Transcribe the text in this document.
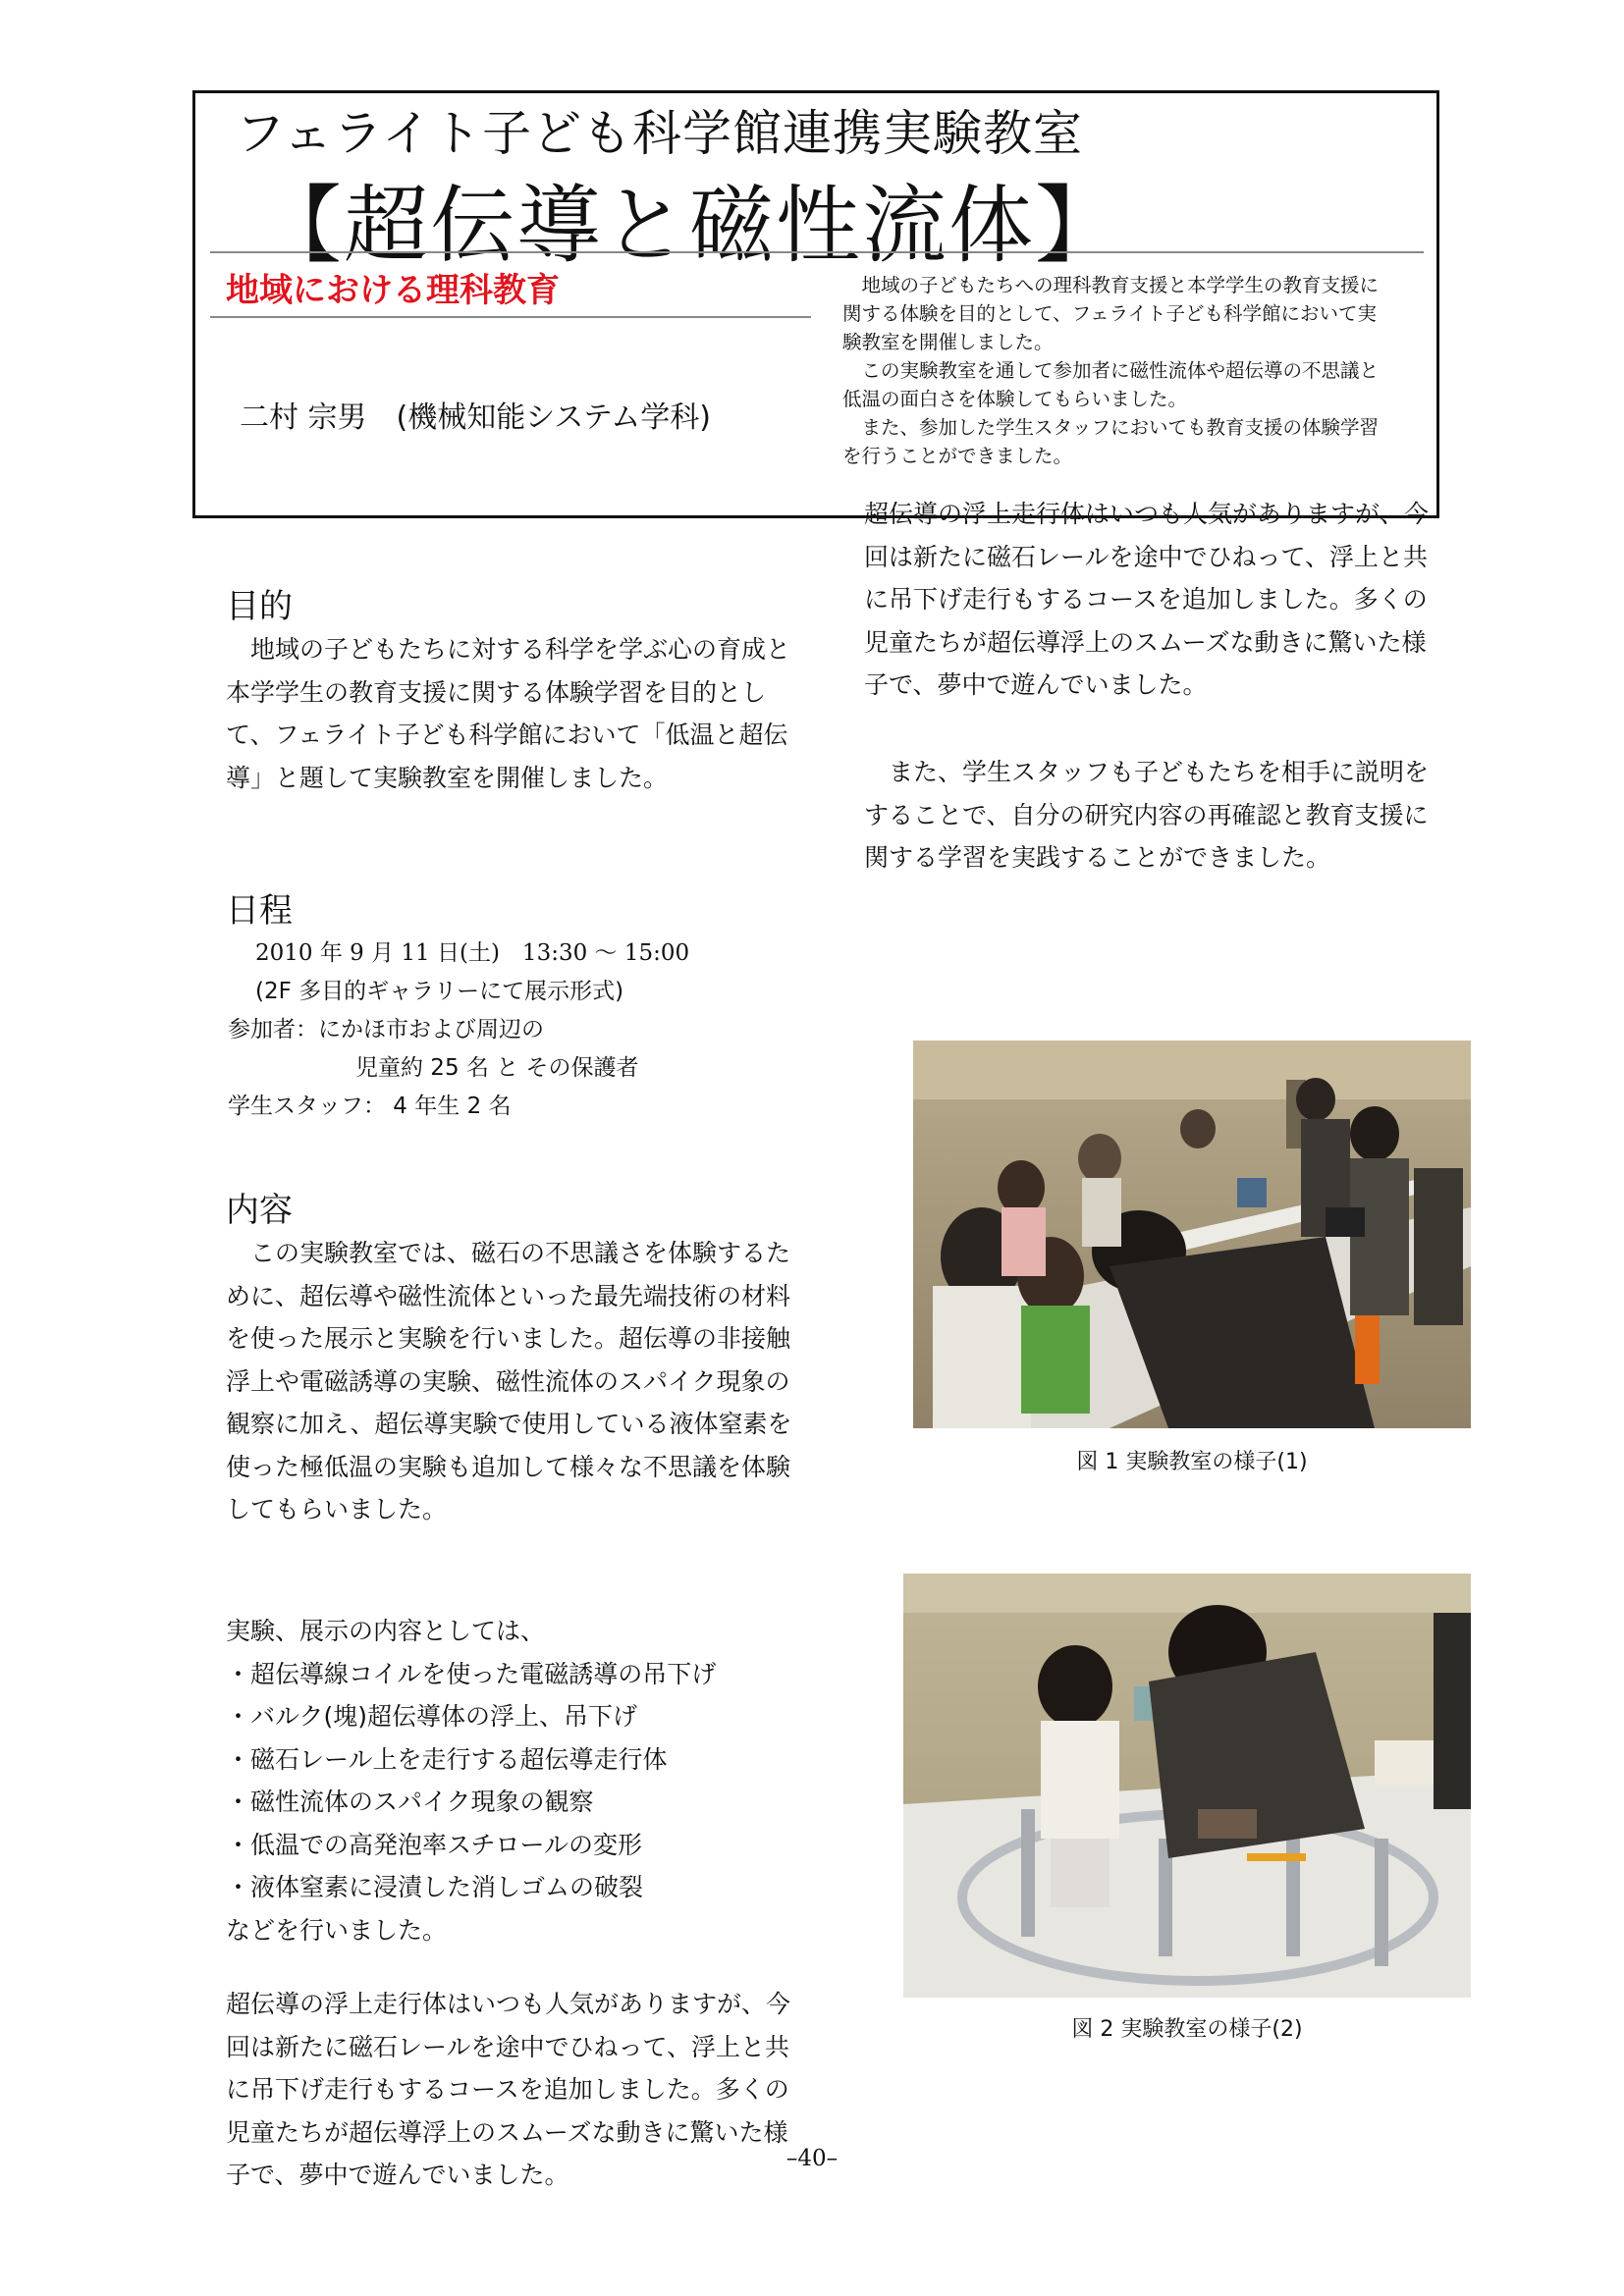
フェライト子ども科学館連携実験教室
【超伝導と磁性流体】
地域における理科教育
二村 宗男　(機械知能システム学科)

地域の子どもたちへの理科教育支援と本学学生の教育支援に関する体験を目的として、フェライト子ども科学館において実験教室を開催しました。

この実験教室を通して参加者に磁性流体や超伝導の不思議と低温の面白さを体験してもらいました。

また、参加した学生スタッフにおいても教育支援の体験学習を行うことができました。

目的

地域の子どもたちに対する科学を学ぶ心の育成と 本学学生の教育支援に関する体験学習を目的として、フェライト子ども科学館において「低温と超伝導」と題して実験教室を開催しました。

日程
2010 年 9 月 11 日(土)　13:30 〜 15:00
(2F 多目的ギャラリーにて展示形式)
参加者：にかほ市および周辺の
児童約 25 名 と その保護者
学生スタッフ： 4 年生 2 名
内容

この実験教室では、磁石の不思議さを体験するために、超伝導や磁性流体といった最先端技術の材料を使った展示と実験を行いました。超伝導の非接触浮上や電磁誘導の実験、磁性流体のスパイク現象の観察に加え、超伝導実験で使用している液体窒素を使った極低温の実験も追加して様々な不思議を体験してもらいました。

実験、展示の内容としては、

・超伝導線コイルを使った電磁誘導の吊下げ
・バルク(塊)超伝導体の浮上、吊下げ
・磁石レール上を走行する超伝導走行体
・磁性流体のスパイク現象の観察
・低温での高発泡率スチロールの変形
・液体窒素に浸漬した消しゴムの破裂

などを行いました。

超伝導の浮上走行体はいつも人気がありますが、今回は新たに磁石レールを途中でひねって、浮上と共に吊下げ走行もするコースを追加しました。多くの児童たちが超伝導浮上のスムーズな動きに驚いた様子で、夢中で遊んでいました。

超伝導の浮上走行体はいつも人気がありますが、今回は新たに磁石レールを途中でひねって、浮上と共に吊下げ走行もするコースを追加しました。多くの児童たちが超伝導浮上のスムーズな動きに驚いた様子で、夢中で遊んでいました。

また、学生スタッフも子どもたちを相手に説明をすることで、自分の研究内容の再確認と教育支援に関する学習を実践することができました。

図 1 実験教室の様子(1)
図 2 実験教室の様子(2)
–40–
